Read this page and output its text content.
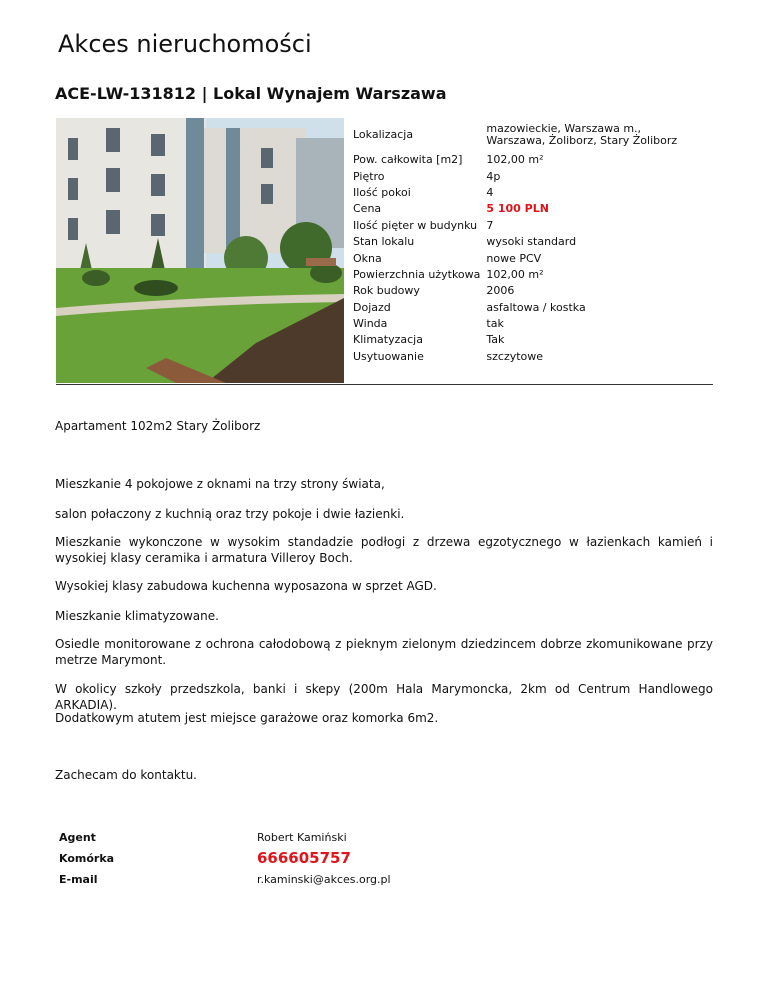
Akces nieruchomości
ACE-LW-131812 | Lokal Wynajem Warszawa
Lokalizacja	mazowieckie, Warszawa m., Warszawa, Żoliborz, Stary Żoliborz
Pow. całkowita [m2]	102,00 m²
Piętro	4p
Ilość pokoi	4
Cena	5 100 PLN
Ilość pięter w budynku	7
Stan lokalu	wysoki standard
Okna	nowe PCV
Powierzchnia użytkowa	102,00 m²
Rok budowy	2006
Dojazd	asfaltowa / kostka
Winda	tak
Klimatyzacja	Tak
Usytuowanie	szczytowe
Apartament 102m2 Stary Żoliborz
Mieszkanie 4 pokojowe z oknami na trzy strony świata,
salon połaczony z kuchnią oraz trzy pokoje i dwie łazienki.
Mieszkanie wykonczone w wysokim standadzie podłogi z drzewa egzotycznego w łazienkach kamień i wysokiej klasy ceramika i armatura Villeroy Boch.
Wysokiej klasy zabudowa kuchenna wyposazona w sprzet AGD.
Mieszkanie klimatyzowane.
Osiedle monitorowane z ochrona całodobową z pieknym zielonym dziedzincem dobrze zkomunikowane przy metrze Marymont.
W okolicy szkoły przedszkola, banki i skepy (200m Hala Marymoncka, 2km od Centrum Handlowego ARKADIA).
Dodatkowym atutem jest miejsce garażowe oraz komorka 6m2.
Zachecam do kontaktu.
Agent	Robert Kamiński
Komórka	666605757
E-mail	r.kaminski@akces.org.pl
